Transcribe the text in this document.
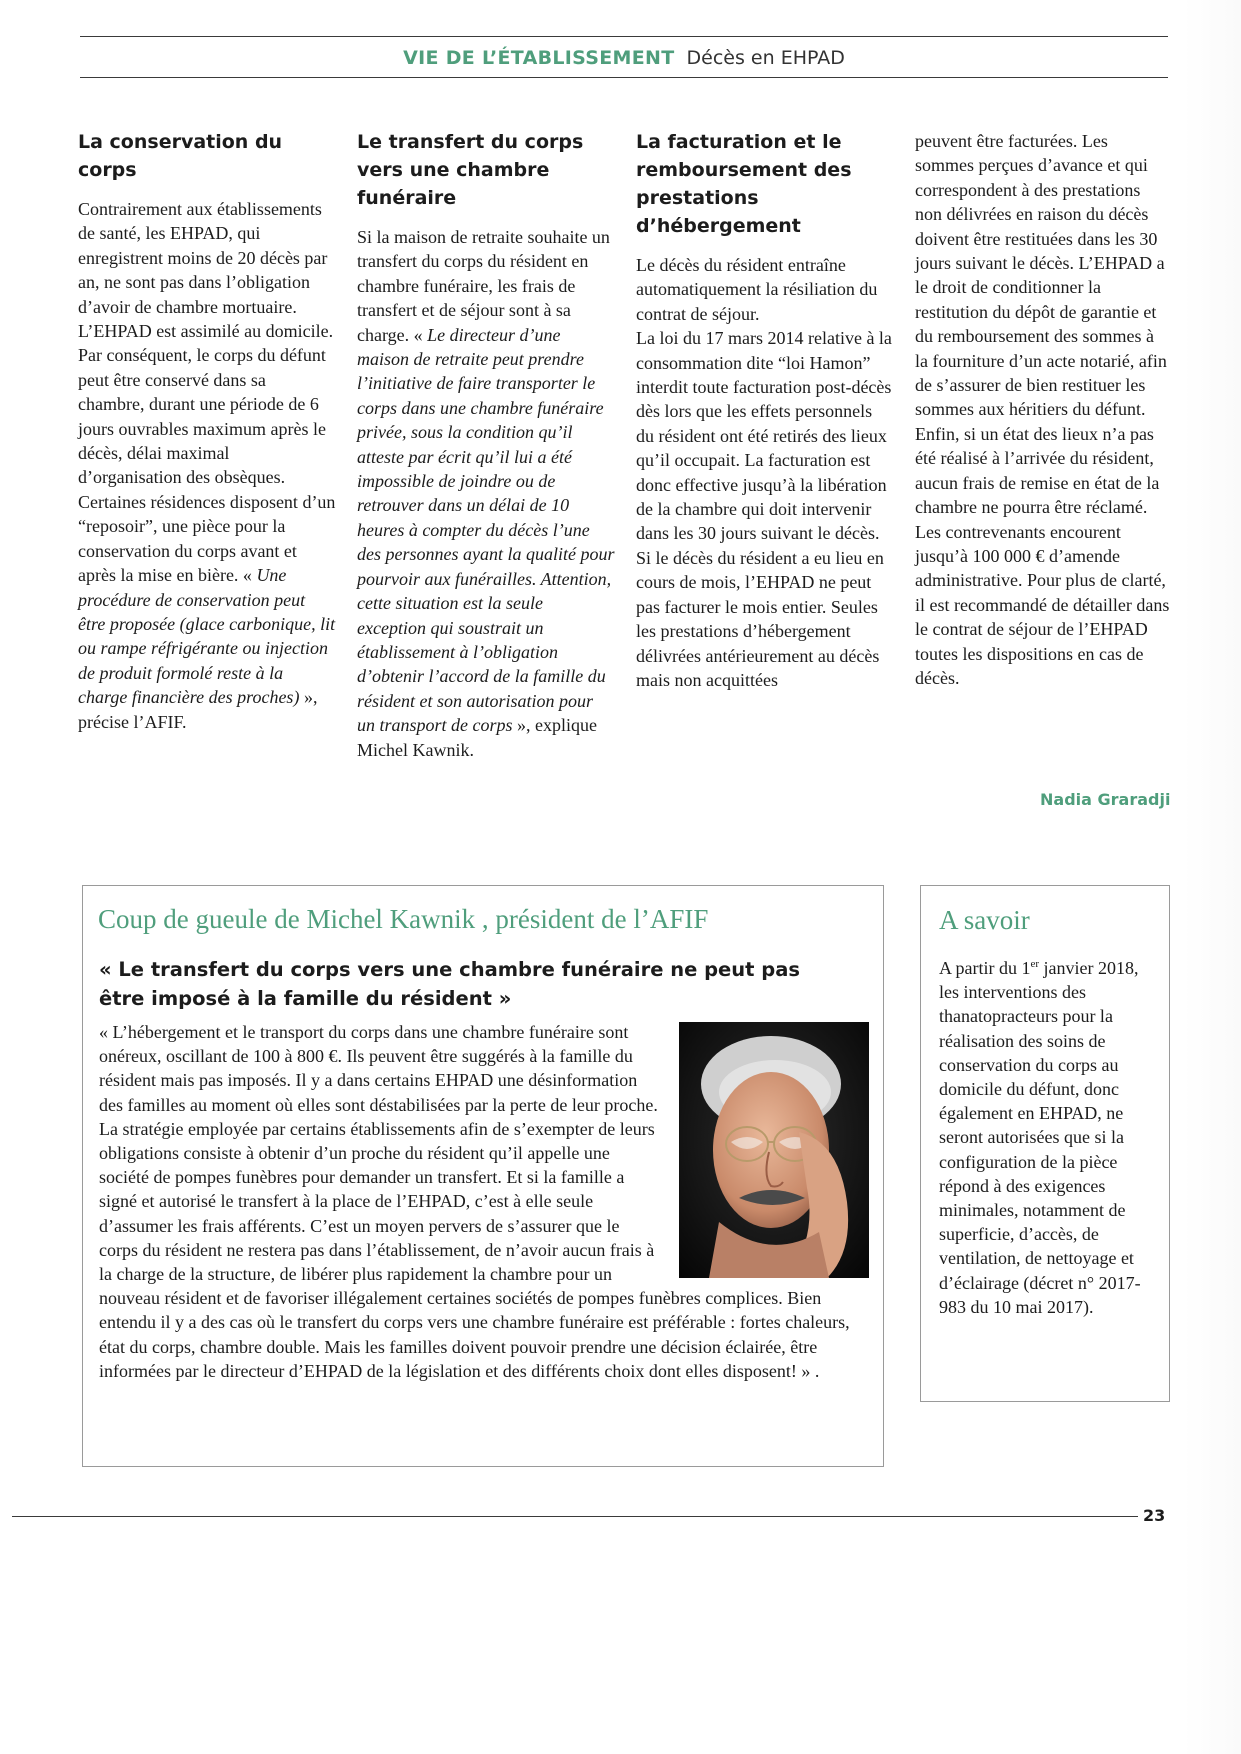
VIE DE L’ÉTABLISSEMENT Décès en EHPAD
La conservation du corps

Contrairement aux établissements de santé, les EHPAD, qui enregistrent moins de 20 décès par an, ne sont pas dans l’obligation d’avoir de chambre mortuaire. L’EHPAD est assimilé au domicile. Par conséquent, le corps du défunt peut être conservé dans sa chambre, durant une période de 6 jours ouvrables maximum après le décès, délai maximal d’organisation des obsèques. Certaines résidences disposent d’un “reposoir”, une pièce pour la conservation du corps avant et après la mise en bière. « Une procédure de conservation peut être proposée (glace carbonique, lit ou rampe réfrigérante ou injection de produit formolé reste à la charge financière des proches) », précise l’AFIF.

Le transfert du corps vers une chambre funéraire

Si la maison de retraite souhaite un transfert du corps du résident en chambre funéraire, les frais de transfert et de séjour sont à sa charge. « Le directeur d’une maison de retraite peut prendre l’initiative de faire transporter le corps dans une chambre funéraire privée, sous la condition qu’il atteste par écrit qu’il lui a été impossible de joindre ou de retrouver dans un délai de 10 heures à compter du décès l’une des personnes ayant la qualité pour pourvoir aux funérailles. Attention, cette situation est la seule exception qui soustrait un établissement à l’obligation d’obtenir l’accord de la famille du résident et son autorisation pour un transport de corps », explique Michel Kawnik.

La facturation et le remboursement des prestations d’hébergement

Le décès du résident entraîne automatiquement la résiliation du contrat de séjour.
La loi du 17 mars 2014 relative à la consommation dite “loi Hamon” interdit toute facturation post-décès dès lors que les effets personnels du résident ont été retirés des lieux qu’il occupait. La facturation est donc effective jusqu’à la libération de la chambre qui doit intervenir dans les 30 jours suivant le décès.
Si le décès du résident a eu lieu en cours de mois, l’EHPAD ne peut pas facturer le mois entier. Seules les prestations d’hébergement délivrées antérieurement au décès mais non acquittées

peuvent être facturées. Les sommes perçues d’avance et qui correspondent à des prestations non délivrées en raison du décès doivent être restituées dans les 30 jours suivant le décès. L’EHPAD a le droit de conditionner la restitution du dépôt de garantie et du remboursement des sommes à la fourniture d’un acte notarié, afin de s’assurer de bien restituer les sommes aux héritiers du défunt.
Enfin, si un état des lieux n’a pas été réalisé à l’arrivée du résident, aucun frais de remise en état de la chambre ne pourra être réclamé. Les contrevenants encourent jusqu’à 100 000 € d’amende administrative. Pour plus de clarté, il est recommandé de détailler dans le contrat de séjour de l’EHPAD toutes les dispositions en cas de décès.

Nadia Graradji
Coup de gueule de Michel Kawnik , président de l’AFIF
« Le transfert du corps vers une chambre funéraire ne peut pas être imposé à la famille du résident »
« L’hébergement et le transport du corps dans une chambre funéraire sont onéreux, oscillant de 100 à 800 €. Ils peuvent être suggérés à la famille du résident mais pas imposés. Il y a dans certains EHPAD une désinformation des familles au moment où elles sont déstabilisées par la perte de leur proche. La stratégie employée par certains établissements afin de s’exempter de leurs obligations consiste à obtenir d’un proche du résident qu’il appelle une société de pompes funèbres pour demander un transfert. Et si la famille a signé et autorisé le transfert à la place de l’EHPAD, c’est à elle seule d’assumer les frais afférents. C’est un moyen pervers de s’assurer que le corps du résident ne restera pas dans l’établissement, de n’avoir aucun frais à la charge de la structure, de libérer plus rapidement la chambre pour un nouveau résident et de favoriser illégalement certaines sociétés de pompes funèbres complices. Bien entendu il y a des cas où le transfert du corps vers une chambre funéraire est préférable : fortes chaleurs, état du corps, chambre double. Mais les familles doivent pouvoir prendre une décision éclairée, être informées par le directeur d’EHPAD de la législation et des différents choix dont elles disposent! » .
A savoir

A partir du 1er janvier 2018, les interventions des thanatopracteurs pour la réalisation des soins de conservation du corps au domicile du défunt, donc également en EHPAD, ne seront autorisées que si la configuration de la pièce répond à des exigences minimales, notamment de superficie, d’accès, de ventilation, de nettoyage et d’éclairage (décret n° 2017-983 du 10 mai 2017).

23
